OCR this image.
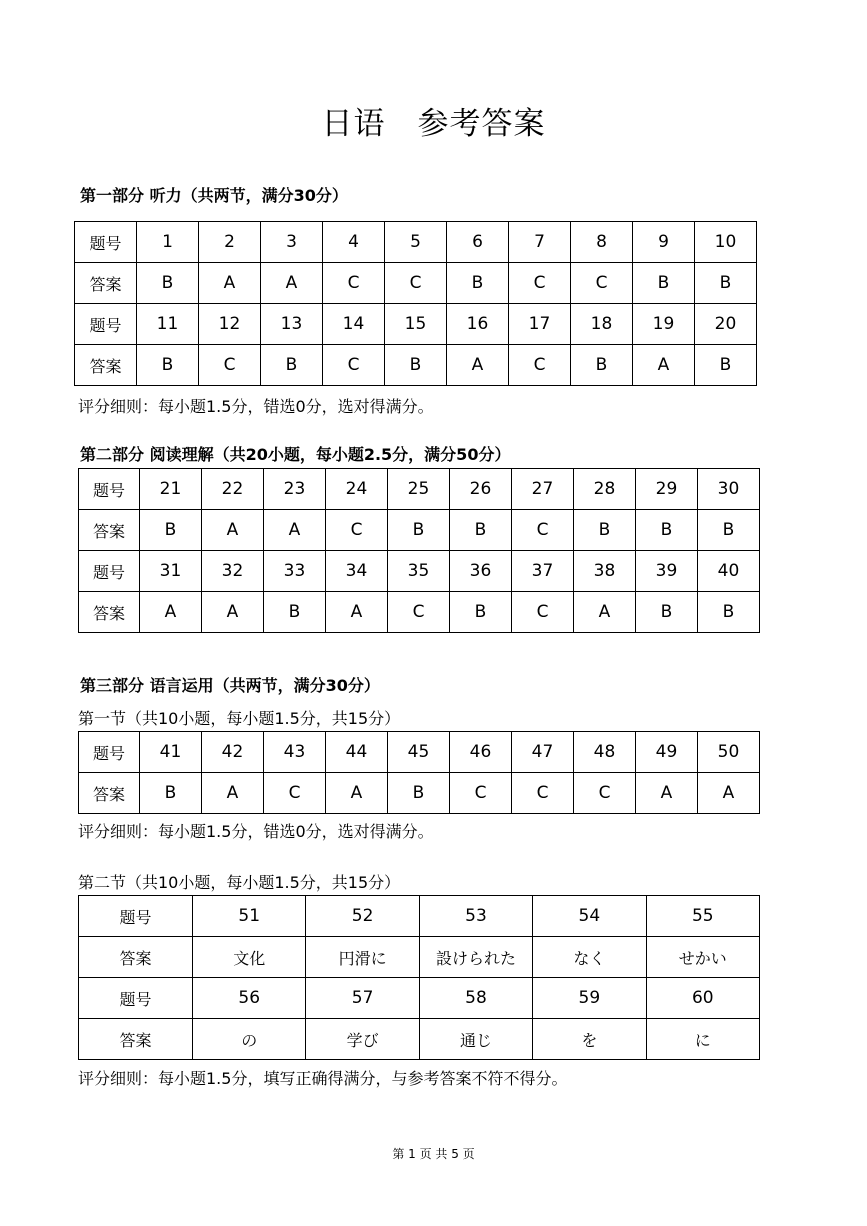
日语　参考答案
第一部分 听力（共两节，满分30分）
题号	1	2	3	4	5	6	7	8	9	10
答案	B	A	A	C	C	B	C	C	B	B
题号	11	12	13	14	15	16	17	18	19	20
答案	B	C	B	C	B	A	C	B	A	B
评分细则：每小题1.5分，错选0分，选对得满分。
第二部分 阅读理解（共20小题，每小题2.5分，满分50分）
题号	21	22	23	24	25	26	27	28	29	30
答案	B	A	A	C	B	B	C	B	B	B
题号	31	32	33	34	35	36	37	38	39	40
答案	A	A	B	A	C	B	C	A	B	B
第三部分 语言运用（共两节，满分30分）
第一节（共10小题，每小题1.5分，共15分）
题号	41	42	43	44	45	46	47	48	49	50
答案	B	A	C	A	B	C	C	C	A	A
评分细则：每小题1.5分，错选0分，选对得满分。
第二节（共10小题，每小题1.5分，共15分）
题号	51	52	53	54	55
答案	文化	円滑に	設けられた	なく	せかい
题号	56	57	58	59	60
答案	の	学び	通じ	を	に
评分细则：每小题1.5分，填写正确得满分，与参考答案不符不得分。
第 1 页 共 5 页
